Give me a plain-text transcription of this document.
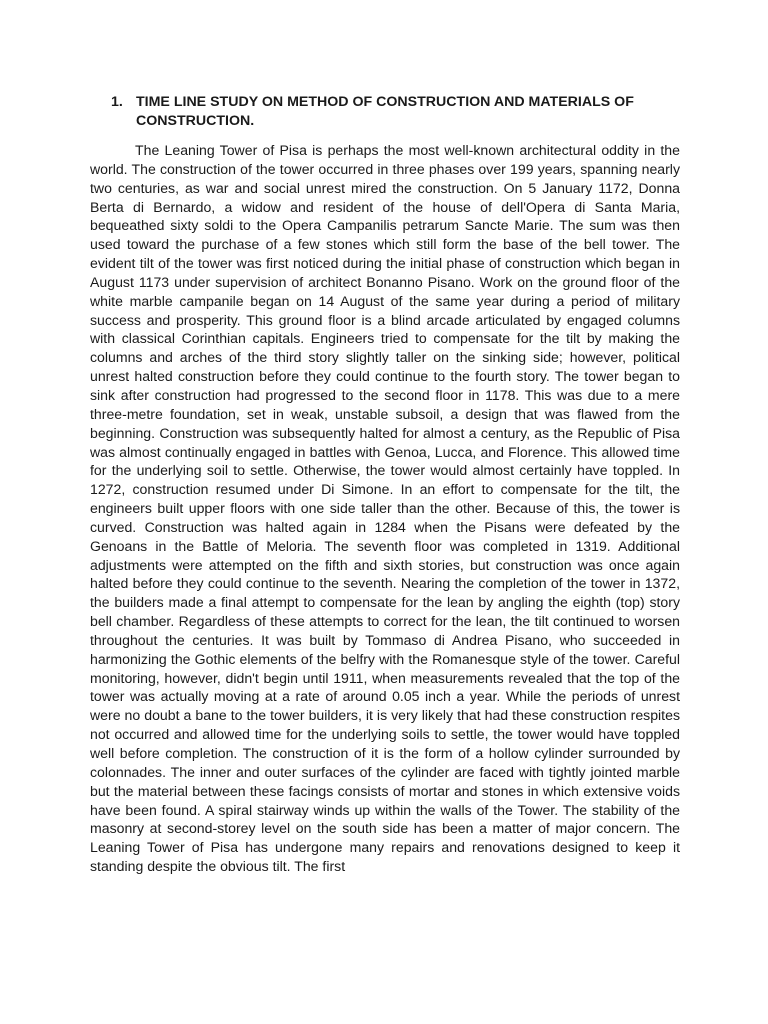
1. TIME LINE STUDY ON METHOD OF CONSTRUCTION AND MATERIALS OF CONSTRUCTION.

The Leaning Tower of Pisa is perhaps the most well-known architectural oddity in the world. The construction of the tower occurred in three phases over 199 years, spanning nearly two centuries, as war and social unrest mired the construction. On 5 January 1172, Donna Berta di Bernardo, a widow and resident of the house of dell'Opera di Santa Maria, bequeathed sixty soldi to the Opera Campanilis petrarum Sancte Marie. The sum was then used toward the purchase of a few stones which still form the base of the bell tower. The evident tilt of the tower was first noticed during the initial phase of construction which began in August 1173 under supervision of architect Bonanno Pisano. Work on the ground floor of the white marble campanile began on 14 August of the same year during a period of military success and prosperity. This ground floor is a blind arcade articulated by engaged columns with classical Corinthian capitals. Engineers tried to compensate for the tilt by making the columns and arches of the third story slightly taller on the sinking side; however, political unrest halted construction before they could continue to the fourth story. The tower began to sink after construction had progressed to the second floor in 1178. This was due to a mere three-metre foundation, set in weak, unstable subsoil, a design that was flawed from the beginning. Construction was subsequently halted for almost a century, as the Republic of Pisa was almost continually engaged in battles with Genoa, Lucca, and Florence. This allowed time for the underlying soil to settle. Otherwise, the tower would almost certainly have toppled. In 1272, construction resumed under Di Simone. In an effort to compensate for the tilt, the engineers built upper floors with one side taller than the other. Because of this, the tower is curved. Construction was halted again in 1284 when the Pisans were defeated by the Genoans in the Battle of Meloria. The seventh floor was completed in 1319. Additional adjustments were attempted on the fifth and sixth stories, but construction was once again halted before they could continue to the seventh. Nearing the completion of the tower in 1372, the builders made a final attempt to compensate for the lean by angling the eighth (top) story bell chamber. Regardless of these attempts to correct for the lean, the tilt continued to worsen throughout the centuries. It was built by Tommaso di Andrea Pisano, who succeeded in harmonizing the Gothic elements of the belfry with the Romanesque style of the tower. Careful monitoring, however, didn't begin until 1911, when measurements revealed that the top of the tower was actually moving at a rate of around 0.05 inch a year. While the periods of unrest were no doubt a bane to the tower builders, it is very likely that had these construction respites not occurred and allowed time for the underlying soils to settle, the tower would have toppled well before completion. The construction of it is the form of a hollow cylinder surrounded by colonnades. The inner and outer surfaces of the cylinder are faced with tightly jointed marble but the material between these facings consists of mortar and stones in which extensive voids have been found. A spiral stairway winds up within the walls of the Tower. The stability of the masonry at second-storey level on the south side has been a matter of major concern. The Leaning Tower of Pisa has undergone many repairs and renovations designed to keep it standing despite the obvious tilt. The first
